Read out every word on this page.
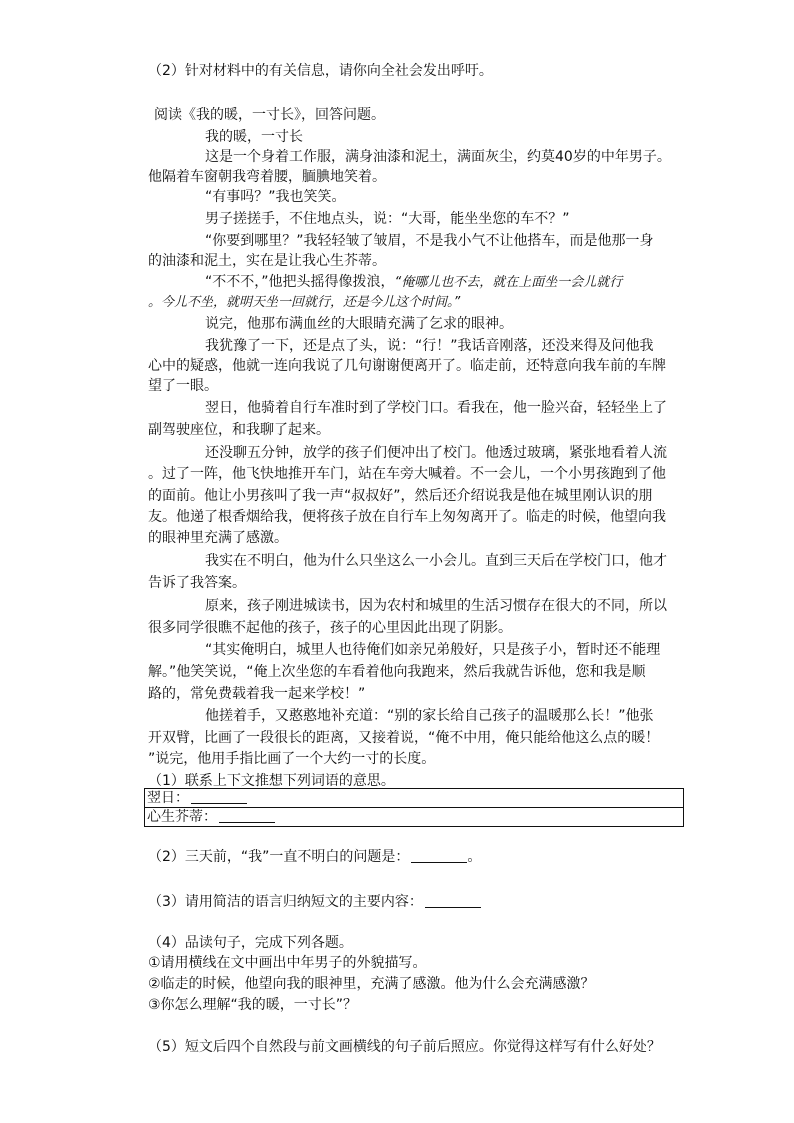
（2）针对材料中的有关信息，请你向全社会发出呼吁。
阅读《我的暖，一寸长》，回答问题。
我的暖，一寸长
这是一个身着工作服，满身油漆和泥土，满面灰尘，约莫40岁的中年男子。
他隔着车窗朝我弯着腰，腼腆地笑着。
“有事吗？”我也笑笑。
男子搓搓手，不住地点头，说：“大哥，能坐坐您的车不？”
“你要到哪里？”我轻轻皱了皱眉，不是我小气不让他搭车，而是他那一身
的油漆和泥土，实在是让我心生芥蒂。
“不不不，”他把头摇得像拨浪，“俺哪儿也不去，就在上面坐一会儿就行
。今儿不坐，就明天坐一回就行，还是今儿这个时间。”
说完，他那布满血丝的大眼睛充满了乞求的眼神。
我犹豫了一下，还是点了头，说：“行！”我话音刚落，还没来得及问他我
心中的疑惑，他就一连向我说了几句谢谢便离开了。临走前，还特意向我车前的车牌
望了一眼。
翌日，他骑着自行车准时到了学校门口。看我在，他一脸兴奋，轻轻坐上了
副驾驶座位，和我聊了起来。
还没聊五分钟，放学的孩子们便冲出了校门。他透过玻璃，紧张地看着人流
。过了一阵，他飞快地推开车门，站在车旁大喊着。不一会儿，一个小男孩跑到了他
的面前。他让小男孩叫了我一声“叔叔好”，然后还介绍说我是他在城里刚认识的朋
友。他递了根香烟给我，便将孩子放在自行车上匆匆离开了。临走的时候，他望向我
的眼神里充满了感激。
我实在不明白，他为什么只坐这么一小会儿。直到三天后在学校门口，他才
告诉了我答案。
原来，孩子刚进城读书，因为农村和城里的生活习惯存在很大的不同，所以
很多同学很瞧不起他的孩子，孩子的心里因此出现了阴影。
“其实俺明白，城里人也待俺们如亲兄弟般好，只是孩子小，暂时还不能理
解。”他笑笑说，“俺上次坐您的车看着他向我跑来，然后我就告诉他，您和我是顺
路的，常免费载着我一起来学校！”
他搓着手，又憨憨地补充道：“别的家长给自己孩子的温暖那么长！”他张
开双臂，比画了一段很长的距离，又接着说，“俺不中用，俺只能给他这么点的暖！
”说完，他用手指比画了一个大约一寸的长度。
（1）联系上下文推想下列词语的意思。
翌日：
心生芥蒂：
（2）三天前，“我”一直不明白的问题是：	。
（3）请用简洁的语言归纳短文的主要内容：
（4）品读句子，完成下列各题。
①请用横线在文中画出中年男子的外貌描写。
②临走的时候，他望向我的眼神里，充满了感激。他为什么会充满感激？
③你怎么理解“我的暖，一寸长”？
（5）短文后四个自然段与前文画横线的句子前后照应。你觉得这样写有什么好处？
